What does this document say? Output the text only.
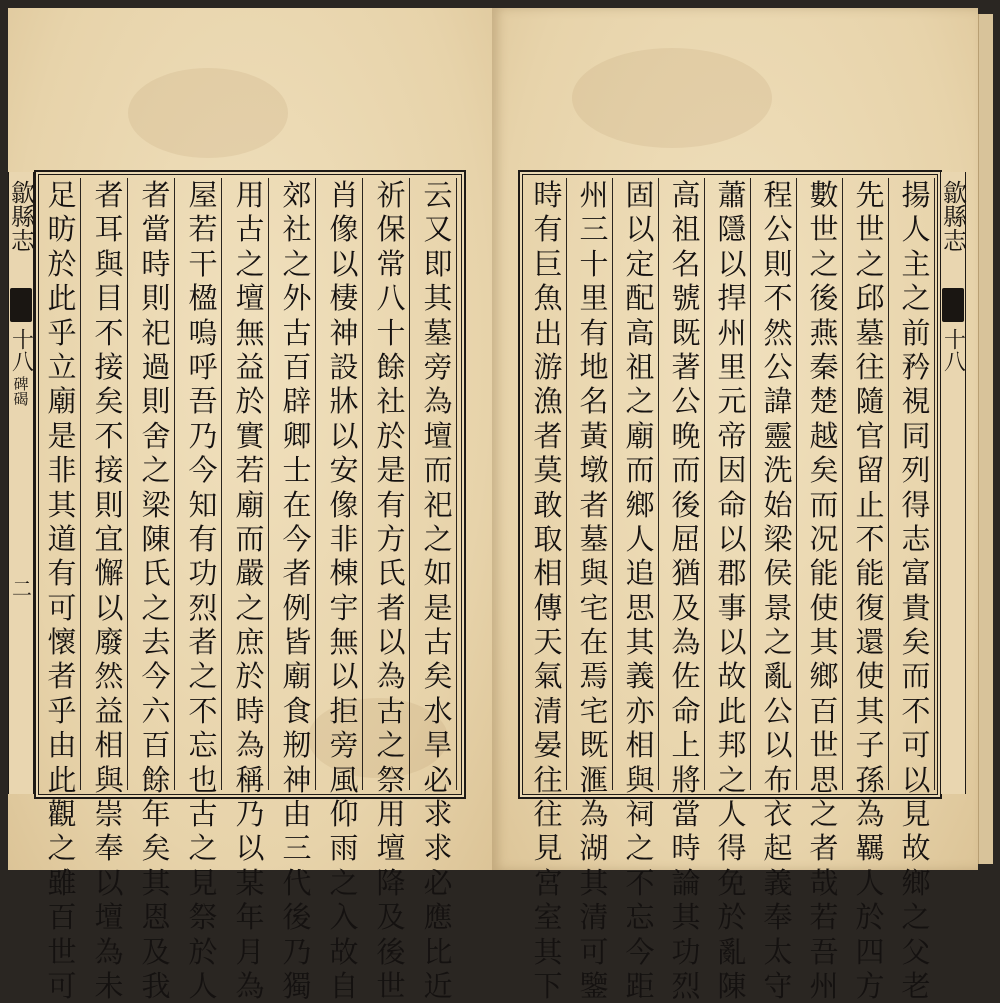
歙縣志
十八
碑碣
二
云
又
即
其
墓
旁
為
壇
而
祀
之
如
是
古
矣
水
旱
必
求
求
必
應
比
近
祈
保
常
八
十
餘
社
於
是
有
方
氏
者
以
為
古
之
祭
用
壇
降
及
後
世
肖
像
以
棲
神
設
牀
以
安
像
非
棟
宇
無
以
拒
旁
風
仰
雨
之
入
故
自
郊
社
之
外
古
百
辟
卿
士
在
今
者
例
皆
廟
食
剏
神
由
三
代
後
乃
獨
用
古
之
壇
無
益
於
實
若
廟
而
嚴
之
庶
於
時
為
稱
乃
以
某
年
月
為
屋
若
干
楹
嗚
呼
吾
乃
今
知
有
功
烈
者
之
不
忘
也
古
之
見
祭
於
人
者
當
時
則
祀
過
則
舍
之
梁
陳
氏
之
去
今
六
百
餘
年
矣
其
恩
及
我
者
耳
與
目
不
接
矣
不
接
則
宜
懈
以
廢
然
益
相
與
崇
奉
以
壇
為
未
足
昉
於
此
乎
立
廟
是
非
其
道
有
可
懷
者
乎
由
此
觀
之
雖
百
世
可
揚
人
主
之
前
矜
視
同
列
得
志
富
貴
矣
而
不
可
以
見
故
鄉
之
父
老
先
世
之
邱
墓
往
隨
官
留
止
不
能
復
還
使
其
子
孫
為
羈
人
於
四
方
數
世
之
後
燕
秦
楚
越
矣
而
况
能
使
其
鄉
百
世
思
之
者
哉
若
吾
州
程
公
則
不
然
公
諱
靈
洗
始
梁
侯
景
之
亂
公
以
布
衣
起
義
奉
太
守
蕭
隱
以
捍
州
里
元
帝
因
命
以
郡
事
以
故
此
邦
之
人
得
免
於
亂
陳
高
祖
名
號
既
著
公
晚
而
後
屈
猶
及
為
佐
命
上
將
當
時
論
其
功
烈
固
以
定
配
高
祖
之
廟
而
鄉
人
追
思
其
義
亦
相
與
祠
之
不
忘
今
距
州
三
十
里
有
地
名
黃
墩
者
墓
與
宅
在
焉
宅
既
滙
為
湖
其
清
可
鑒
時
有
巨
魚
出
游
漁
者
莫
敢
取
相
傳
天
氣
清
晏
往
往
見
宮
室
其
下
歙縣志
十八
